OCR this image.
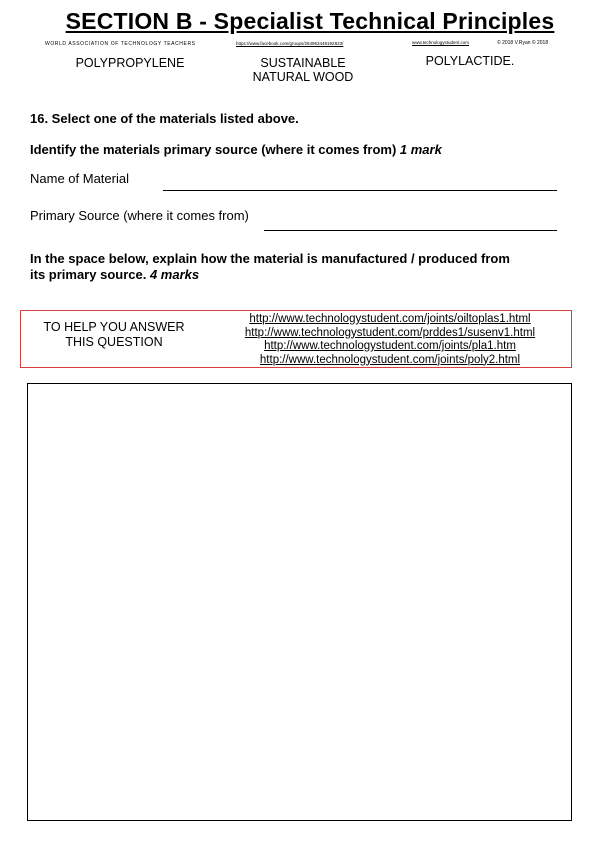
SECTION B - Specialist Technical Principles
WORLD ASSOCIATION OF TECHNOLOGY TEACHERS	https://www.facebook.com/groups/254963448192823/	www.technologystudent.com	© 2018 V.Ryan © 2018
POLYPROPYLENE	SUSTAINABLE NATURAL WOOD
POLYLACTIDE.
16. Select one of the materials listed above.
Identify the materials primary source (where it comes from) 1 mark
Name of Material
Primary Source (where it comes from)
In the space below, explain how the material is manufactured / produced from
its primary source. 4 marks
TO HELP YOU ANSWER
THIS QUESTION
http://www.technologystudent.com/joints/oiltoplas1.html
http://www.technologystudent.com/prddes1/susenv1.html
http://www.technologystudent.com/joints/pla1.htm
http://www.technologystudent.com/joints/poly2.html
